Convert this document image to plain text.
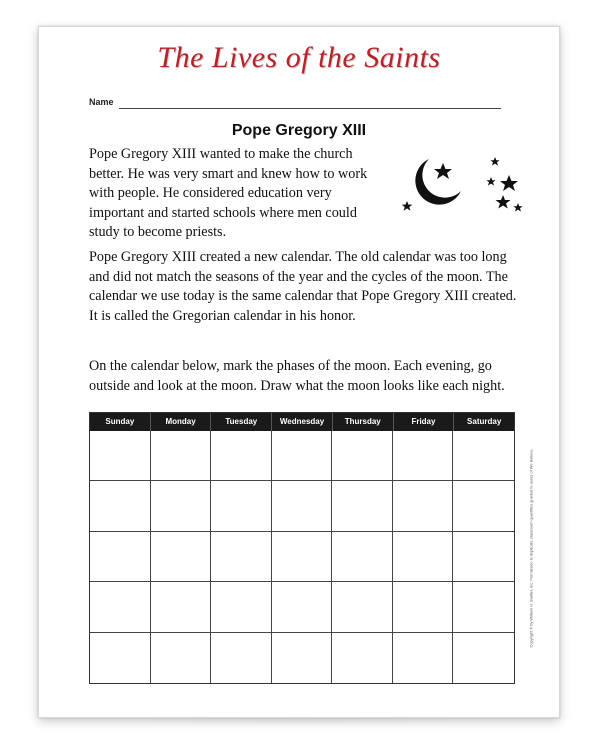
The Lives of the Saints
Name
Pope Gregory XIII
Pope Gregory XIII wanted to make the church better. He was very smart and knew how to work with people. He considered education very important and started schools where men could study to become priests.
Pope Gregory XIII created a new calendar. The old calendar was too long and did not match the seasons of the year and the cycles of the moon. The calendar we use today is the same calendar that Pope Gregory XIII created. It is called the Gregorian calendar in his honor.
On the calendar below, mark the phases of the moon. Each evening, go outside and look at the moon. Draw what the moon looks like each night.
Sunday	Monday	Tuesday	Wednesday	Thursday	Friday	Saturday
Copyright © by William H. Sadlier, Inc. Permission to duplicate classroom quantities granted to users of We Believe.
